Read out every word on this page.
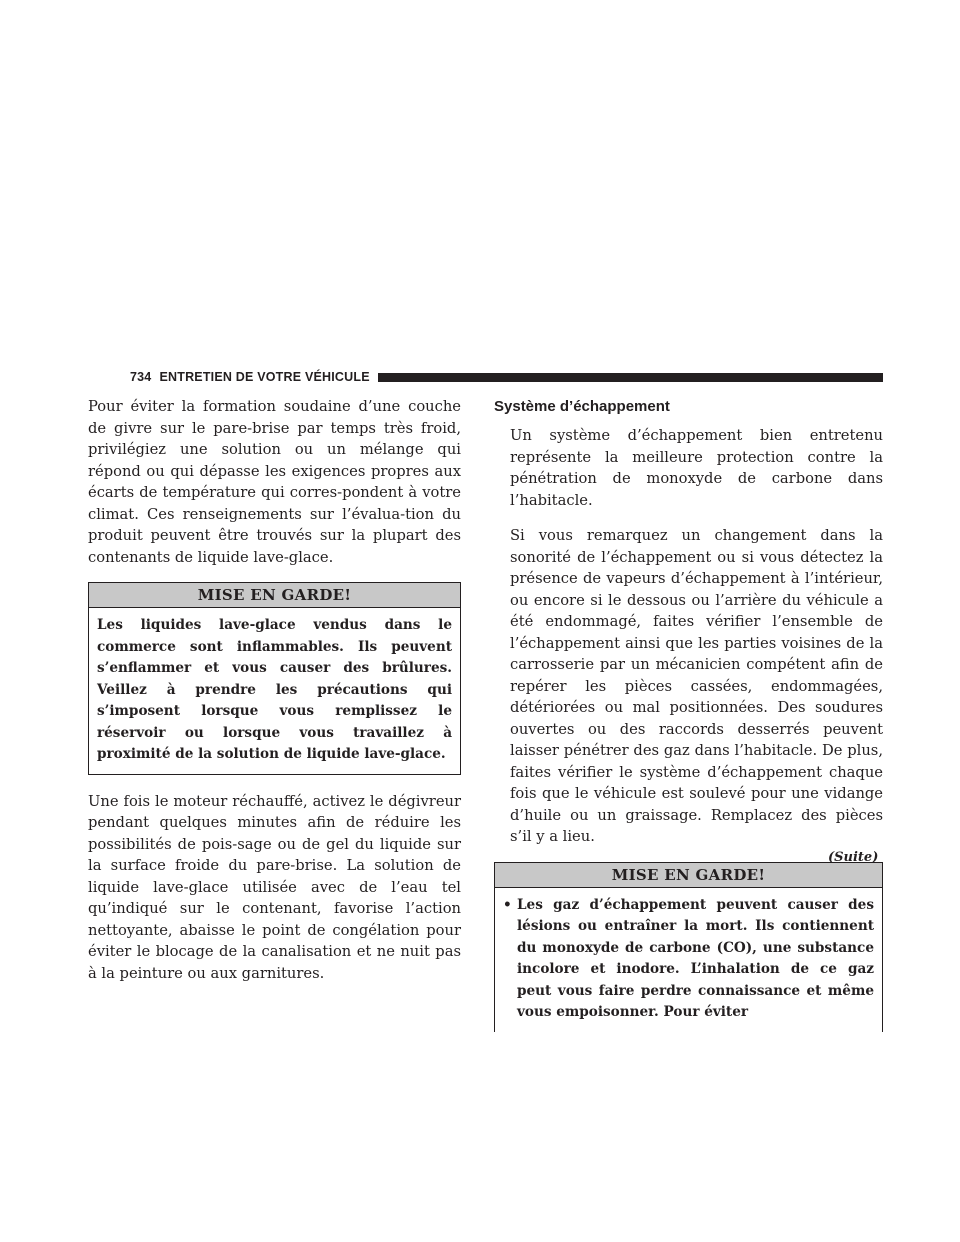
734 ENTRETIEN DE VOTRE VÉHICULE

Pour éviter la formation soudaine d’une couche de givre sur le pare-brise par temps très froid, privilégiez une solution ou un mélange qui répond ou qui dépasse les exigences propres aux écarts de température qui corres-pondent à votre climat. Ces renseignements sur l’évalua-tion du produit peuvent être trouvés sur la plupart des contenants de liquide lave-glace.

MISE EN GARDE!
Les liquides lave-glace vendus dans le commerce sont inflammables. Ils peuvent s’enflammer et vous causer des brûlures. Veillez à prendre les précautions qui s’imposent lorsque vous remplissez le réservoir ou lorsque vous travaillez à proximité de la solution de liquide lave-glace.

Une fois le moteur réchauffé, activez le dégivreur pendant quelques minutes afin de réduire les possibilités de pois-sage ou de gel du liquide sur la surface froide du pare-brise. La solution de liquide lave-glace utilisée avec de l’eau tel qu’indiqué sur le contenant, favorise l’action nettoyante, abaisse le point de congélation pour éviter le blocage de la canalisation et ne nuit pas à la peinture ou aux garnitures.

Système d’échappement

Un système d’échappement bien entretenu représente la meilleure protection contre la pénétration de monoxyde de carbone dans l’habitacle.

Si vous remarquez un changement dans la sonorité de l’échappement ou si vous détectez la présence de vapeurs d’échappement à l’intérieur, ou encore si le dessous ou l’arrière du véhicule a été endommagé, faites vérifier l’ensemble de l’échappement ainsi que les parties voisines de la carrosserie par un mécanicien compétent afin de repérer les pièces cassées, endommagées, détériorées ou mal positionnées. Des soudures ouvertes ou des raccords desserrés peuvent laisser pénétrer des gaz dans l’habitacle. De plus, faites vérifier le système d’échappement chaque fois que le véhicule est soulevé pour une vidange d’huile ou un graissage. Remplacez des pièces s’il y a lieu.

MISE EN GARDE!
• Les gaz d’échappement peuvent causer des lésions ou entraîner la mort. Ils contiennent du monoxyde de carbone (CO), une substance incolore et inodore. L’inhalation de ce gaz peut vous faire perdre connaissance et même vous empoisonner. Pour éviter
(Suite)
